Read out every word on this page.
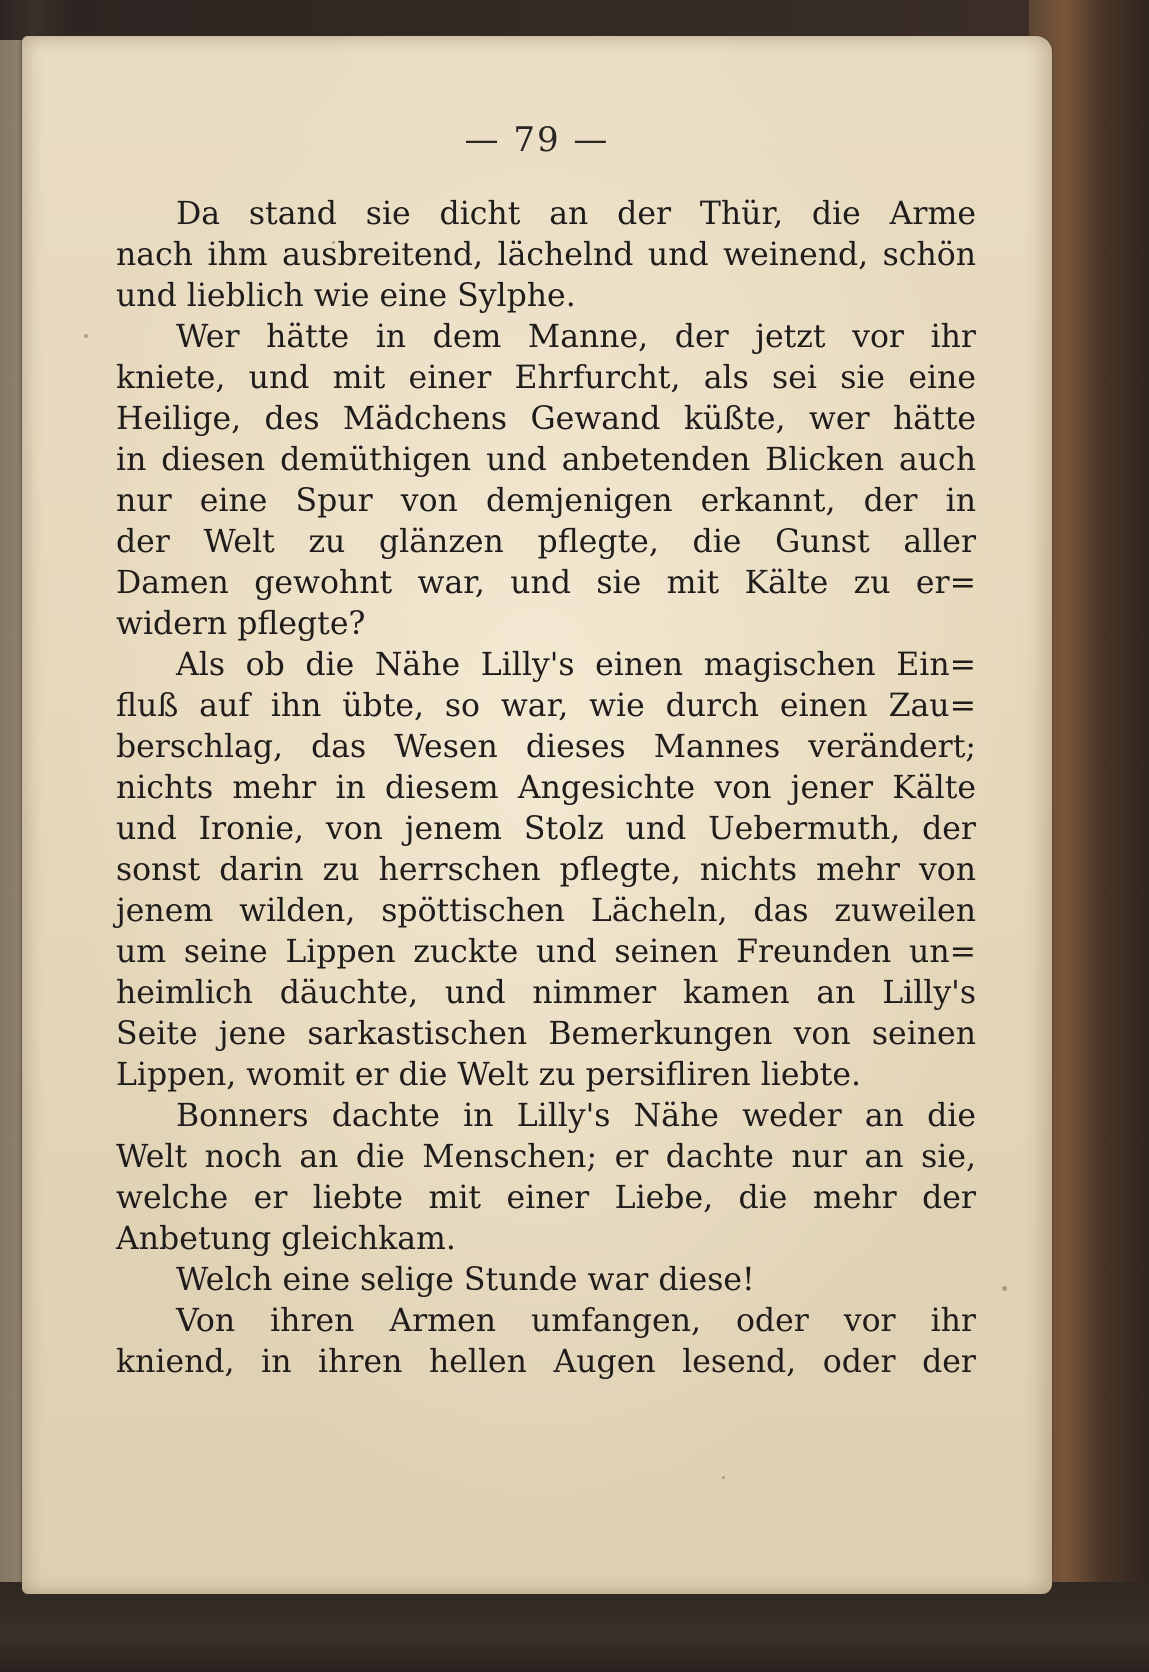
— 79 —
Da stand sie dicht an der Thür, die Arme
nach ihm ausbreitend, lächelnd und weinend, schön
und lieblich wie eine Sylphe.
Wer hätte in dem Manne, der jetzt vor ihr
kniete, und mit einer Ehrfurcht, als sei sie eine
Heilige, des Mädchens Gewand küßte, wer hätte
in diesen demüthigen und anbetenden Blicken auch
nur eine Spur von demjenigen erkannt, der in
der Welt zu glänzen pflegte, die Gunst aller
Damen gewohnt war, und sie mit Kälte zu er=
widern pflegte?
Als ob die Nähe Lilly's einen magischen Ein=
fluß auf ihn übte, so war, wie durch einen Zau=
berschlag, das Wesen dieses Mannes verändert;
nichts mehr in diesem Angesichte von jener Kälte
und Ironie, von jenem Stolz und Uebermuth, der
sonst darin zu herrschen pflegte, nichts mehr von
jenem wilden, spöttischen Lächeln, das zuweilen
um seine Lippen zuckte und seinen Freunden un=
heimlich däuchte, und nimmer kamen an Lilly's
Seite jene sarkastischen Bemerkungen von seinen
Lippen, womit er die Welt zu persifliren liebte.
Bonners dachte in Lilly's Nähe weder an die
Welt noch an die Menschen; er dachte nur an sie,
welche er liebte mit einer Liebe, die mehr der
Anbetung gleichkam.
Welch eine selige Stunde war diese!
Von ihren Armen umfangen, oder vor ihr
kniend, in ihren hellen Augen lesend, oder der
